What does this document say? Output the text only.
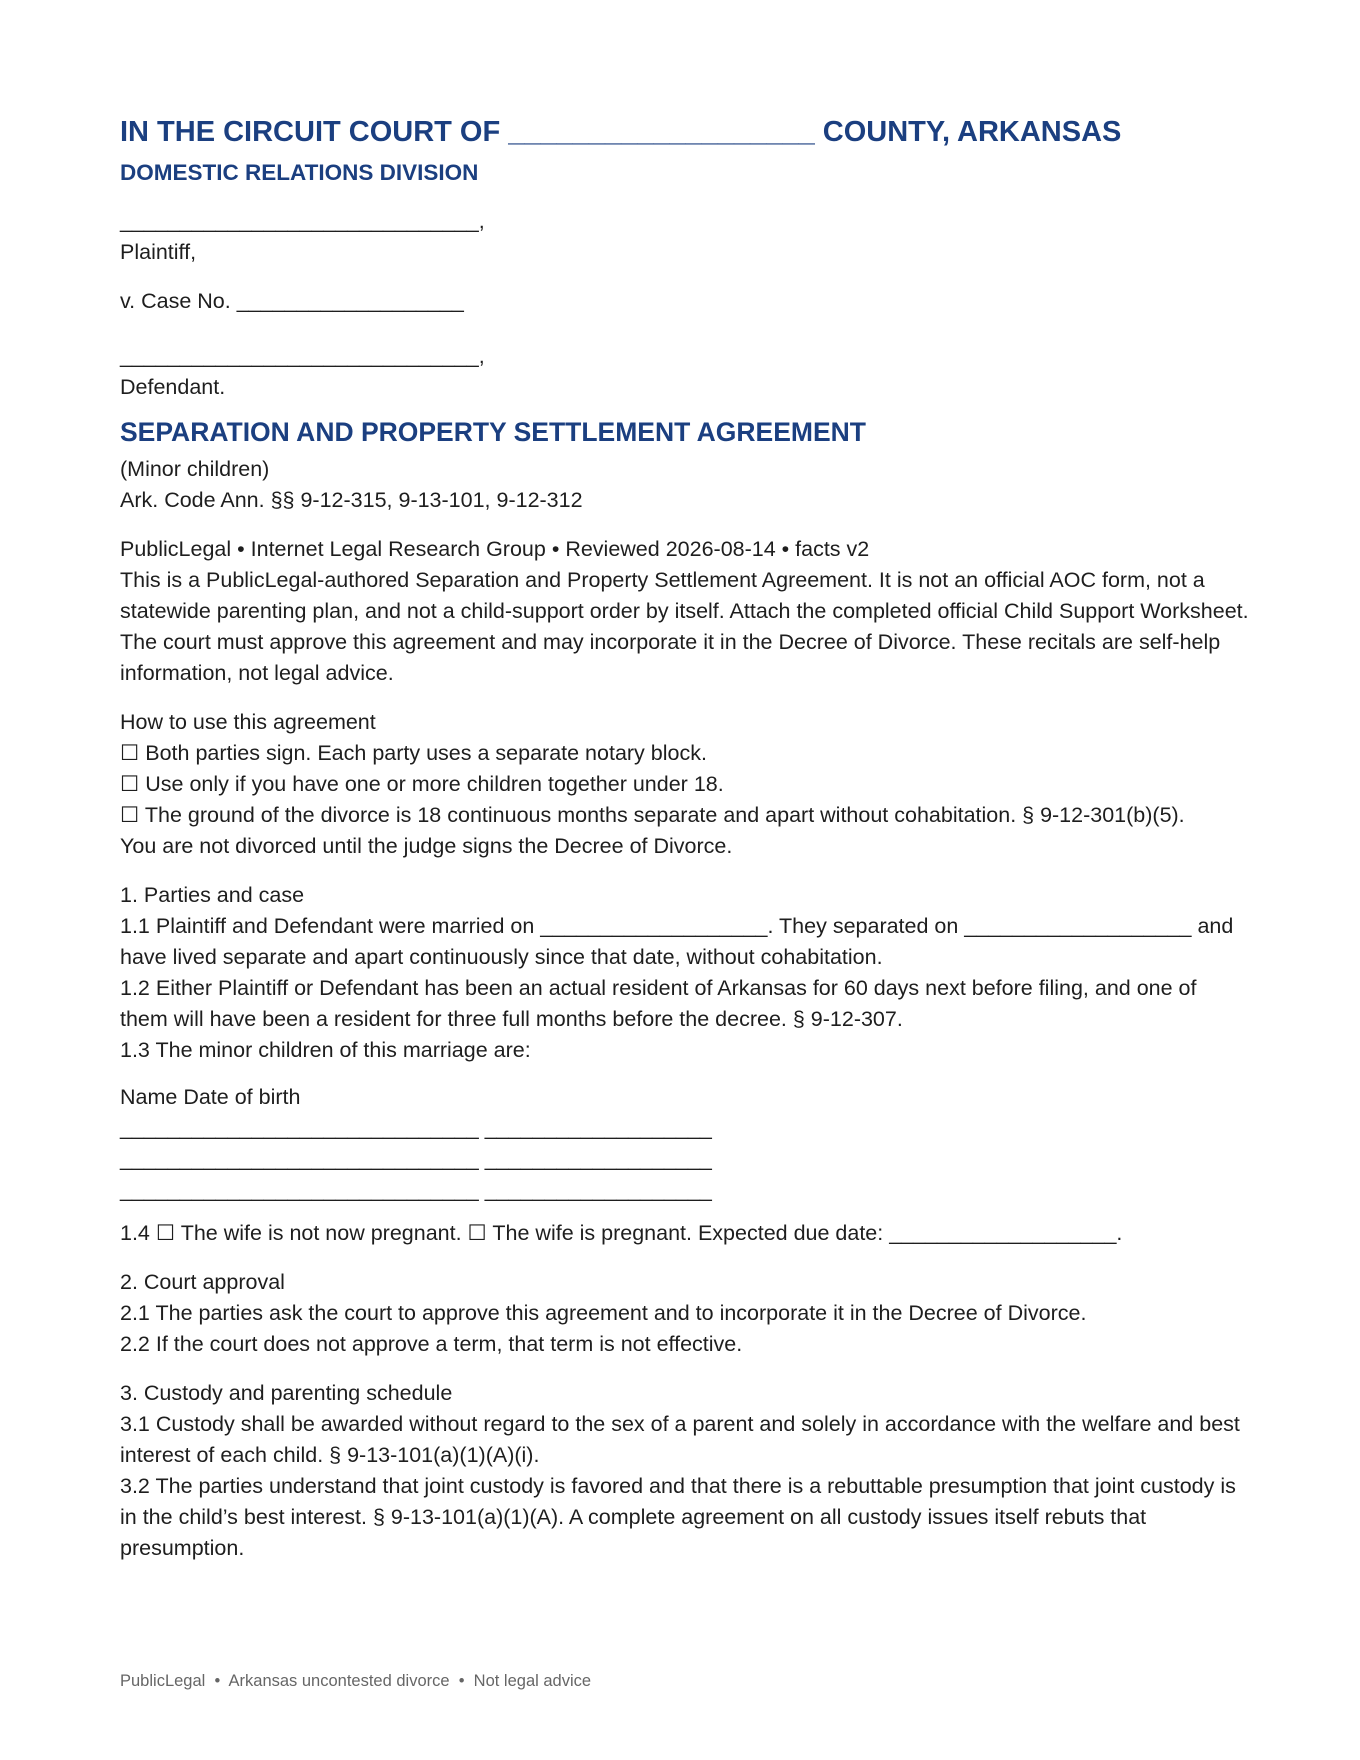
IN THE CIRCUIT COURT OF ___________________ COUNTY, ARKANSAS
DOMESTIC RELATIONS DIVISION

______________________________,

Plaintiff,

v. Case No. ___________________

______________________________,

Defendant.

SEPARATION AND PROPERTY SETTLEMENT AGREEMENT

(Minor children)

Ark. Code Ann. §§ 9-12-315, 9-13-101, 9-12-312

PublicLegal • Internet Legal Research Group • Reviewed 2026-08-14 • facts v2

This is a PublicLegal-authored Separation and Property Settlement Agreement. It is not an official AOC form, not a statewide parenting plan, and not a child-support order by itself. Attach the completed official Child Support Worksheet. The court must approve this agreement and may incorporate it in the Decree of Divorce. These recitals are self-help information, not legal advice.

How to use this agreement

☐ Both parties sign. Each party uses a separate notary block.

☐ Use only if you have one or more children together under 18.

☐ The ground of the divorce is 18 continuous months separate and apart without cohabitation. § 9-12-301(b)(5).

You are not divorced until the judge signs the Decree of Divorce.

1. Parties and case

1.1 Plaintiff and Defendant were married on ___________________. They separated on ___________________ and have lived separate and apart continuously since that date, without cohabitation.

1.2 Either Plaintiff or Defendant has been an actual resident of Arkansas for 60 days next before filing, and one of them will have been a resident for three full months before the decree. § 9-12-307.

1.3 The minor children of this marriage are:

Name Date of birth

______________________________ ___________________

______________________________ ___________________

______________________________ ___________________

1.4 ☐ The wife is not now pregnant. ☐ The wife is pregnant. Expected due date: ___________________.

2. Court approval

2.1 The parties ask the court to approve this agreement and to incorporate it in the Decree of Divorce.

2.2 If the court does not approve a term, that term is not effective.

3. Custody and parenting schedule

3.1 Custody shall be awarded without regard to the sex of a parent and solely in accordance with the welfare and best interest of each child. § 9-13-101(a)(1)(A)(i).

3.2 The parties understand that joint custody is favored and that there is a rebuttable presumption that joint custody is in the child’s best interest. § 9-13-101(a)(1)(A). A complete agreement on all custody issues itself rebuts that presumption.

PublicLegal  •  Arkansas uncontested divorce  •  Not legal advice
